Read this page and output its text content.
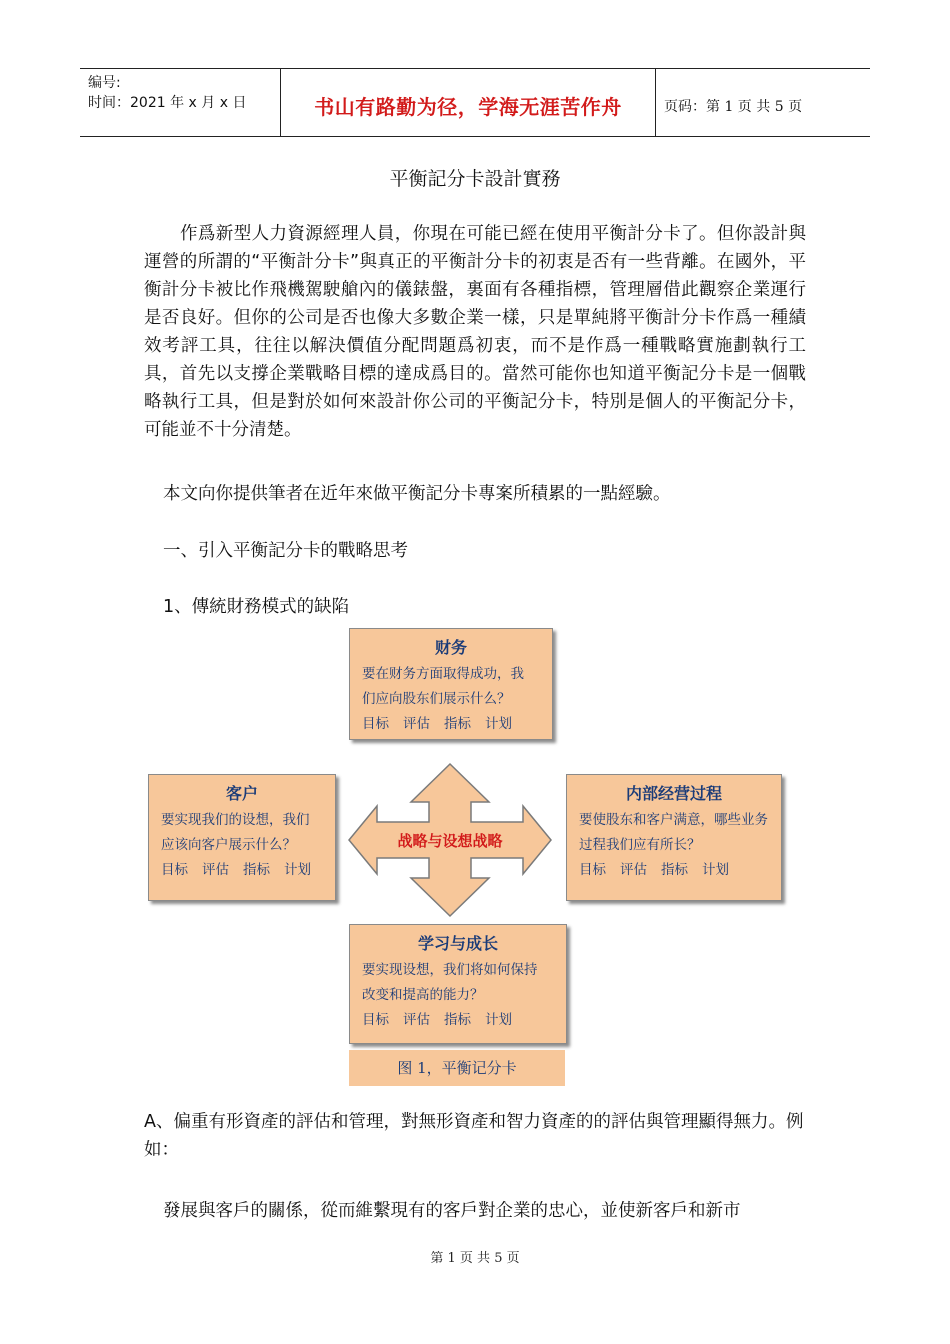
编号:
时间：2021 年 x 月 x 日	书山有路勤为径，学海无涯苦作舟	页码：第 1 页 共 5 页
平衡記分卡設計實務
作爲新型人力資源經理人員，你現在可能已經在使用平衡計分卡了。但你設計與運營的所謂的“平衡計分卡”與真正的平衡計分卡的初衷是否有一些背離。在國外，平衡計分卡被比作飛機駕駛艙內的儀錶盤，裏面有各種指標，管理層借此觀察企業運行是否良好。但你的公司是否也像大多數企業一樣，只是單純將平衡計分卡作爲一種績效考評工具，往往以解決價值分配問題爲初衷，而不是作爲一種戰略實施劃執行工具，首先以支撐企業戰略目標的達成爲目的。當然可能你也知道平衡記分卡是一個戰略執行工具，但是對於如何來設計你公司的平衡記分卡，特別是個人的平衡記分卡，可能並不十分清楚。
本文向你提供筆者在近年來做平衡記分卡專案所積累的一點經驗。
一、引入平衡記分卡的戰略思考
1、傳統財務模式的缺陷
财务
要在财务方面取得成功，我
们应向股东们展示什么？
目标 评估 指标 计划
客户
要实现我们的设想，我们
应该向客户展示什么？
目标 评估 指标 计划
内部经营过程
要使股东和客户满意，哪些业务
过程我们应有所长？
目标 评估 指标 计划
战略与设想战略
学习与成长
要实现设想，我们将如何保持
改变和提高的能力？
目标 评估 指标 计划
图 1，平衡记分卡
A、偏重有形資產的評估和管理，對無形資產和智力資產的的評估與管理顯得無力。例如：
發展與客戶的關係，從而維繫現有的客戶對企業的忠心，並使新客戶和新市
第 1 页 共 5 页
